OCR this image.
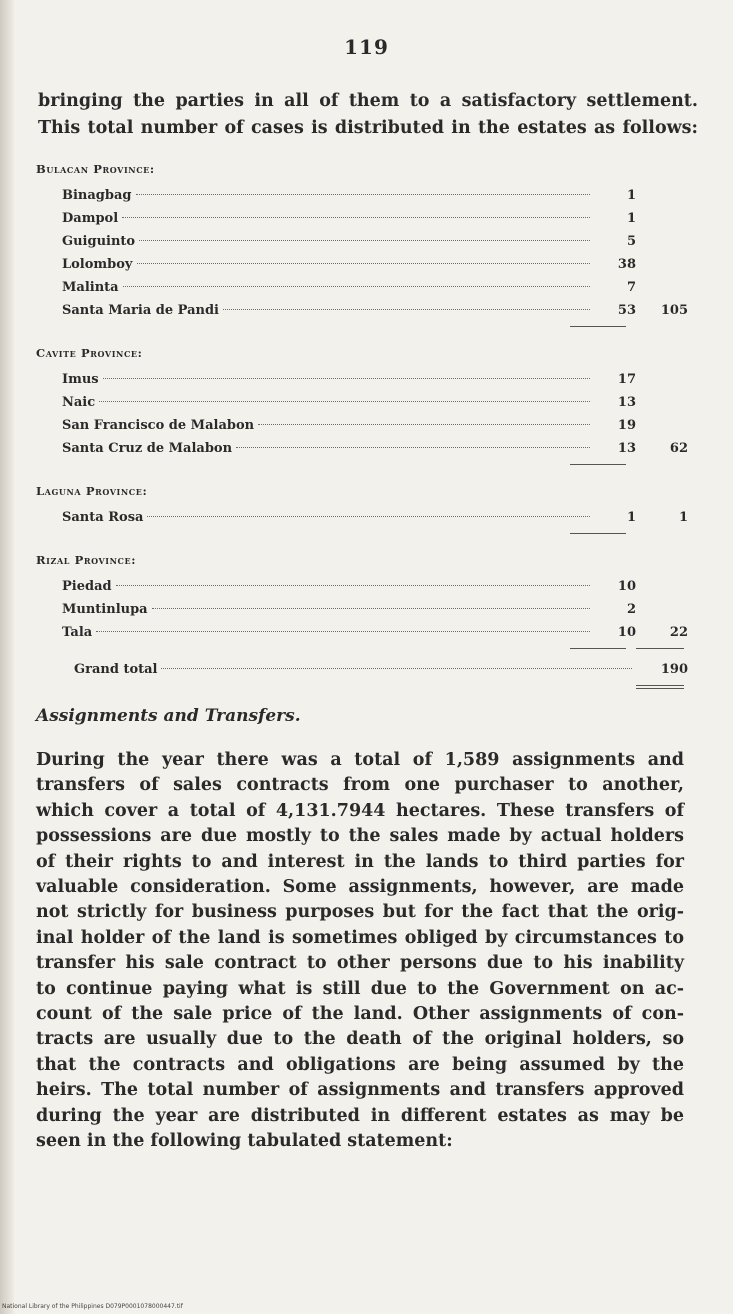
119

bringing the parties in all of them to a satisfactory settlement.

This total number of cases is distributed in the estates as follows:

Bulacan Province:
Binagbag	1
Dampol	1
Guiguinto	5
Lolomboy	38
Malinta	7
Santa Maria de Pandi	53	105
Cavite Province:
Imus	17
Naic	13
San Francisco de Malabon	19
Santa Cruz de Malabon	13	62
Laguna Province:
Santa Rosa	1	1
Rizal Province:
Piedad	10
Muntinlupa	2
Tala	10	22
Grand total	190
Assignments and Transfers.
During the year there was a total of 1,589 assignments and
transfers of sales contracts from one purchaser to another,
which cover a total of 4,131.7944 hectares. These transfers of
possessions are due mostly to the sales made by actual holders
of their rights to and interest in the lands to third parties for
valuable consideration. Some assignments, however, are made
not strictly for business purposes but for the fact that the orig-
inal holder of the land is sometimes obliged by circumstances to
transfer his sale contract to other persons due to his inability
to continue paying what is still due to the Government on ac-
count of the sale price of the land. Other assignments of con-
tracts are usually due to the death of the original holders, so
that the contracts and obligations are being assumed by the
heirs. The total number of assignments and transfers approved
during the year are distributed in different estates as may be
seen in the following tabulated statement:
National Library of the Philippines D079P0001078000447.tif
